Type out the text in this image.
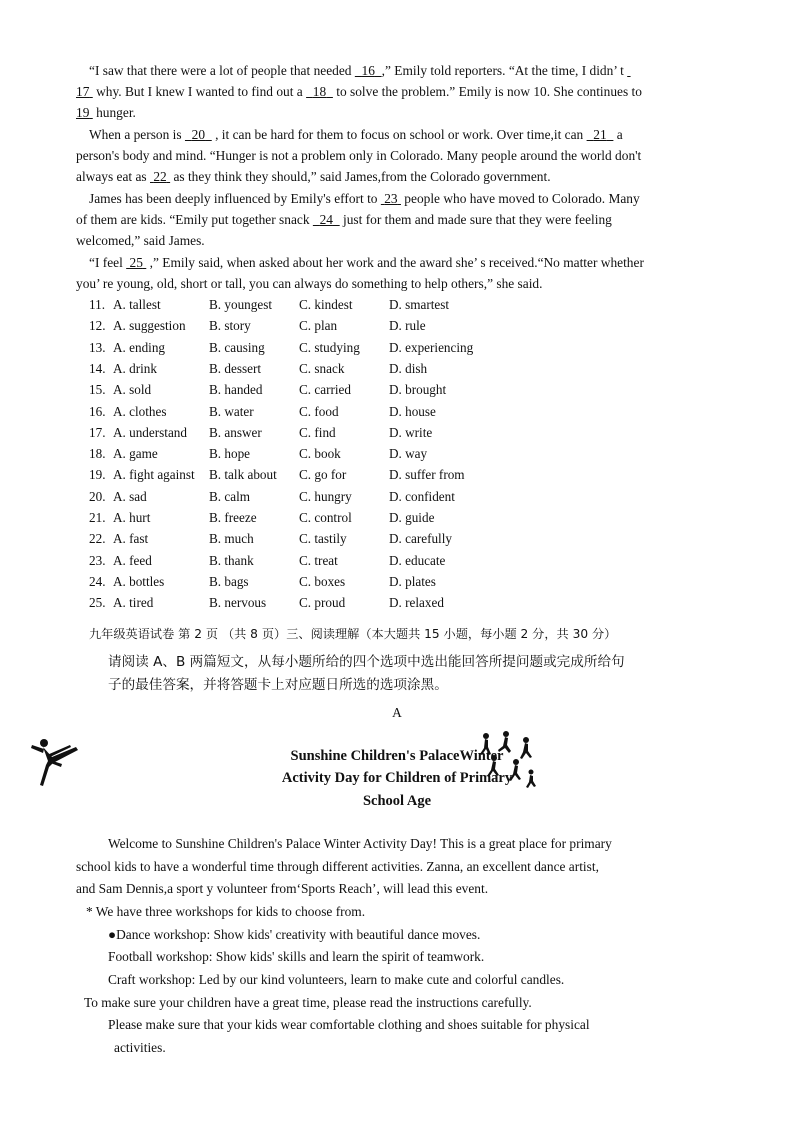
“I saw that there were a lot of people that needed   16 ,” Emily told reporters. “At the time, I didn’ t
17  why. But I knew I wanted to find out a   18   to solve the problem.” Emily is now 10. She continues to
19  hunger.
When a person is   20   , it can be hard for them to focus on school or work. Over time,it can   21   a
person's body and mind. “Hunger is not a problem only in Colorado. Many people around the world don't
always eat as  22  as they think they should,” said James,from the Colorado government.
James has been deeply influenced by Emily's effort to  23  people who have moved to Colorado. Many
of them are kids. “Emily put together snack   24   just for them and made sure that they were feeling
welcomed,” said James.
“I feel  25  ,” Emily said, when asked about her work and the award she’ s received.“No matter whether
you’ re young, old, short or tall, you can always do something to help others,” she said.
11. A. tallest	B. youngest C. kindest	D. smartest
12. A. suggestion B. story	C. plan	D. rule
13. A. ending	B. causing	C. studying D. experiencing
14. A. drink	B. dessert	C. snack	D. dish
15. A. sold	B. handed	C. carried	D. brought
16. A. clothes	B. water	C. food	D. house
17. A. understand B. answer	C. find	D. write
18. A. game	B. hope	C. book	D. way
19. A. fight against B. talk about C. go for	D. suffer from
20. A. sad	B. calm	C. hungry	D. confident
21. A. hurt	B. freeze	C. control	D. guide
22. A. fast	B. much	C. tastily	D. carefully
23. A. feed	B. thank	C. treat	D. educate
24. A. bottles	B. bags	C. boxes	D. plates
25. A. tired	B. nervous C. proud	D. relaxed
九年级英语试卷 第 2 页 （共 8 页）三、阅读理解（本大题共 15 小题，每小题 2 分，共 30 分）
请阅读 A、B 两篇短文，从每小题所给的四个选项中选出能回答所提问题或完成所给句
子的最佳答案，并将答题卡上对应题日所选的选项涂黑。
A
Sunshine Children's PalaceWinter
Activity Day for Children of Primary
School Age
Welcome to Sunshine Children's Palace Winter Activity Day! This is a great place for primary
school kids to have a wonderful time through different activities. Zanna, an excellent dance artist,
and Sam Dennis,a sport y volunteer from‘Sports Reach’, will lead this event.
* We have three workshops for kids to choose from.
●Dance workshop: Show kids' creativity with beautiful dance moves.
Football workshop: Show kids' skills and learn the spirit of teamwork.
Craft workshop: Led by our kind volunteers, learn to make cute and colorful candles.
To make sure your children have a great time, please read the instructions carefully.
Please make sure that your kids wear comfortable clothing and shoes suitable for physical
activities.
